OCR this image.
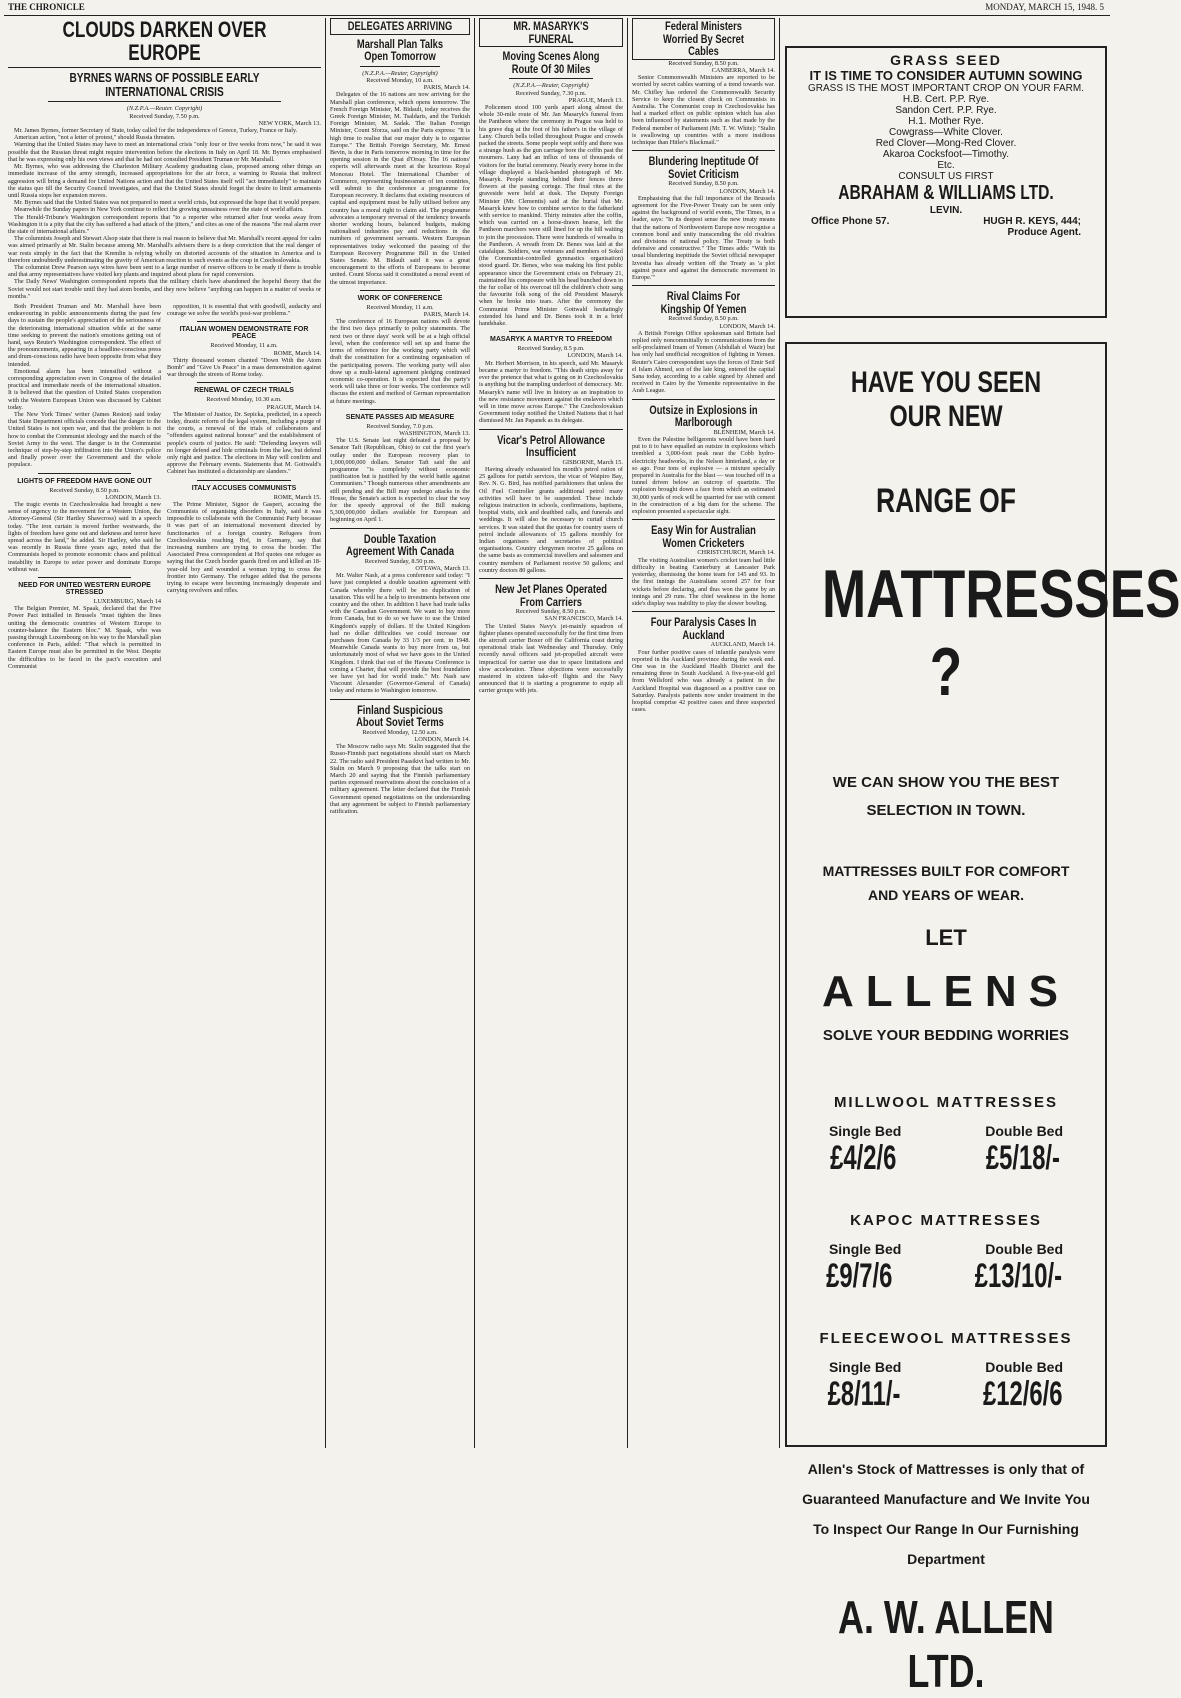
THE CHRONICLE	MONDAY, MARCH 15, 1948. 5
CLOUDS DARKEN OVER EUROPE
BYRNES WARNS OF POSSIBLE EARLY INTERNATIONAL CRISIS
(N.Z.P.A.—Reuter. Copyright)
Received Sunday, 7.50 p.m.
NEW YORK, March 13.

Mr. James Byrnes, former Secretary of State, today called for the independence of Greece, Turkey, France or Italy.

American action, "not a letter of protest," should Russia threaten.

Warning that the United States may have to meet an international crisis "only four or five weeks from now," he said it was possible that the Russian threat might require intervention before the elections in Italy on April 18. Mr. Byrnes emphasised that he was expressing only his own views and that he had not consulted President Truman or Mr. Marshall.

Mr. Byrnes, who was addressing the Charleston Military Academy graduating class, proposed among other things an immediate increase of the army strength, increased appropriations for the air force, a warning to Russia that indirect aggression will bring a demand for United Nations action and that the United States itself will "act immediately" to maintain the status quo till the Security Council investigates, and that the United States should forget the desire to limit armaments until Russia stops her expansion moves.

Mr. Byrnes said that the United States was not prepared to meet a world crisis, but expressed the hope that it would prepare.

Meanwhile the Sunday papers in New York continue to reflect the growing uneasiness over the state of world affairs.

The Herald-Tribune's Washington correspondent reports that "to a reporter who returned after four weeks away from Washington it is a pity that the city has suffered a bad attack of the jitters," and cites as one of the reasons "the real alarm over the state of international affairs."

The columnists Joseph and Stewart Alsop state that there is real reason to believe that Mr. Marshall's recent appeal for calm was aimed primarily at Mr. Stalin because among Mr. Marshall's advisers there is a deep conviction that the real danger of war rests simply in the fact that the Kremlin is relying wholly on distorted accounts of the situation in America and is therefore undoubtedly underestimating the gravity of American reaction to such events as the coup in Czechoslovakia.

The columnist Drew Pearson says wires have been sent to a large number of reserve officers to be ready if there is trouble and that army representatives have visited key plants and inquired about plans for rapid conversion.

The Daily News' Washington correspondent reports that the military chiefs have abandoned the hopeful theory that the Soviet would not start trouble until they had atom bombs, and they now believe "anything can happen in a matter of weeks or months."

Both President Truman and Mr. Marshall have been endeavouring in public announcements during the past few days to sustain the people's appreciation of the seriousness of the deteriorating international situation while at the same time seeking to prevent the nation's emotions getting out of hand, says Reuter's Washington correspondent. The effect of the pronouncements, appearing in a headline-conscious press and drum-conscious radio have been opposite from what they intended.

Emotional alarm has been intensified without a corresponding appreciation even in Congress of the detailed practical and immediate needs of the international situation. It is believed that the question of United States cooperation with the Western European Union was discussed by Cabinet today.

The New York Times' writer (James Reston) said today that State Department officials concede that the danger to the United States is not open war, and that the problem is not how to combat the Communist ideology and the march of the Soviet Army to the west. The danger is in the Communist technique of step-by-step infiltration into the Union's police and finally power over the Government and the whole populace.

LIGHTS OF FREEDOM HAVE GONE OUT
Received Sunday, 8.50 p.m.
LONDON, March 13.

The tragic events in Czechoslovakia had brought a new sense of urgency to the movement for a Western Union, the Attorney-General (Sir Hartley Shawcross) said in a speech today. "The iron curtain is moved further westwards, the lights of freedom have gone out and darkness and terror have spread across the land," he added. Sir Hartley, who said he was recently in Russia three years ago, noted that the Communists hoped to promote economic chaos and political instability in Europe to seize power and dominate Europe without war.

NEED FOR UNITED WESTERN EUROPE STRESSED
LUXEMBURG, March 14

The Belgian Premier, M. Spaak, declared that the Five Power Pact initialled in Brussels "must tighten the lines uniting the democratic countries of Western Europe to counter-balance the Eastern bloc." M. Spaak, who was passing through Luxembourg on his way to the Marshall plan conference in Paris, added: "That which is permitted in Eastern Europe must also be permitted in the West. Despite the difficulties to be faced in the pact's execution and Communist

opposition, it is essential that with goodwill, audacity and courage we solve the world's post-war problems."

ITALIAN WOMEN DEMONSTRATE FOR PEACE
Received Monday, 11 a.m.
ROME, March 14.

Thirty thousand women chanted "Down With the Atom Bomb" and "Give Us Peace" in a mass demonstration against war through the streets of Rome today.

RENEWAL OF CZECH TRIALS
Received Monday, 10.30 a.m.
PRAGUE, March 14.

The Minister of Justice, Dr. Sepicka, predicted, in a speech today, drastic reform of the legal system, including a purge of the courts, a renewal of the trials of collaborators and "offenders against national honour" and the establishment of people's courts of justice. He said: "Defending lawyers will no longer defend and hide criminals from the law, but defend only right and justice. The elections in May will confirm and approve the February events. Statements that M. Gottwald's Cabinet has instituted a dictatorship are slanders."

ITALY ACCUSES COMMUNISTS
ROME, March 15.

The Prime Minister, Signor de Gasperi, accusing the Communists of organising disorders in Italy, said it was impossible to collaborate with the Communist Party because it was part of an international movement directed by functionaries of a foreign country. Refugees from Czechoslovakia reaching Hof, in Germany, say that increasing numbers are trying to cross the border. The Associated Press correspondent at Hof quotes one refugee as saying that the Czech border guards fired on and killed an 18-year-old boy and wounded a woman trying to cross the frontier into Germany. The refugee added that the persons trying to escape were becoming increasingly desperate and carrying revolvers and rifles.

DELEGATES ARRIVING
Marshall Plan Talks Open Tomorrow
(N.Z.P.A.—Reuter, Copyright)
Received Monday, 10 a.m.
PARIS, March 14.

Delegates of the 16 nations are now arriving for the Marshall plan conference, which opens tomorrow. The French Foreign Minister, M. Bidault, today receives the Greek Foreign Minister, M. Tsaldaris, and the Turkish Foreign Minister, M. Sadak. The Italian Foreign Minister, Count Sforza, said on the Paris express: "It is high time to realise that our major duty is to organise Europe." The British Foreign Secretary, Mr. Ernest Bevin, is due in Paris tomorrow morning in time for the opening session in the Quai d'Orsay. The 16 nations' experts will afterwards meet at the luxurious Royal Monceau Hotel. The International Chamber of Commerce, representing businessmen of ten countries, will submit to the conference a programme for European recovery. It declares that existing resources of capital and equipment must be fully utilised before any country has a moral right to claim aid. The programme advocates a temporary reversal of the tendency towards shorter working hours, balanced budgets, making nationalised industries pay and reductions in the numbers of government servants. Western European representatives today welcomed the passing of the European Recovery Programme Bill in the United States Senate. M. Bidault said it was a great encouragement to the efforts of Europeans to become united. Count Sforza said it constituted a moral event of the utmost importance.

WORK OF CONFERENCE
Received Monday, 11 a.m.
PARIS, March 14.

The conference of 16 European nations will devote the first two days primarily to policy statements. The next two or three days' work will be at a high official level, when the conference will set up and frame the terms of reference for the working party which will draft the constitution for a continuing organisation of the participating powers. The working party will also draw up a multi-lateral agreement pledging continued economic co-operation. It is expected that the party's work will take three or four weeks. The conference will discuss the extent and method of German representation at future meetings.

SENATE PASSES AID MEASURE
Received Sunday, 7.0 p.m.
WASHINGTON, March 13.

The U.S. Senate last night defeated a proposal by Senator Taft (Republican, Ohio) to cut the first year's outlay under the European recovery plan to 1,000,000,000 dollars. Senator Taft said the aid programme "is completely without economic justification but is justified by the world battle against Communism." Though numerous other amendments are still pending and the Bill may undergo attacks in the House, the Senate's action is expected to clear the way for the speedy approval of the Bill making 5,300,000,000 dollars available for European aid beginning on April 1.

Double Taxation Agreement With Canada
Received Sunday, 8.50 p.m.
OTTAWA, March 13.

Mr. Walter Nash, at a press conference said today: "I have just completed a double taxation agreement with Canada whereby there will be no duplication of taxation. This will be a help to investments between one country and the other. In addition I have had trade talks with the Canadian Government. We want to buy more from Canada, but to do so we have to use the United Kingdom's supply of dollars. If the United Kingdom had no dollar difficulties we could increase our purchases from Canada by 33 1/3 per cent. in 1948. Meanwhile Canada wants to buy more from us, but unfortunately most of what we have goes to the United Kingdom. I think that out of the Havana Conference is coming a Charter, that will provide the best foundation we have yet had for world trade." Mr. Nash saw Viscount Alexander (Governor-General of Canada) today and returns to Washington tomorrow.

Finland Suspicious About Soviet Terms
Received Monday, 12.50 a.m.
LONDON, March 14.

The Moscow radio says Mr. Stalin suggested that the Russo-Finnish pact negotiations should start on March 22. The radio said President Paasikivi had written to Mr. Stalin on March 9 proposing that the talks start on March 20 and saying that the Finnish parliamentary parties expressed reservations about the conclusion of a military agreement. The letter declared that the Finnish Government opened negotiations on the understanding that any agreement be subject to Finnish parliamentary ratification.

MR. MASARYK'S FUNERAL
Moving Scenes Along Route Of 30 Miles
(N.Z.P.A.—Reuter, Copyright)
Received Sunday, 7.30 p.m.
PRAGUE, March 13.

Policemen stood 100 yards apart along almost the whole 30-mile route of Mr. Jan Masaryk's funeral from the Pantheon where the ceremony in Prague was held to his grave dug at the foot of his father's in the village of Lany. Church bells tolled throughout Prague and crowds packed the streets. Some people wept softly and there was a strange hush as the gun carriage bore the coffin past the mourners. Lany had an influx of tens of thousands of visitors for the burial ceremony. Nearly every home in the village displayed a black-banded photograph of Mr. Masaryk. People standing behind their fences threw flowers at the passing cortege. The final rites at the graveside were held at dusk. The Deputy Foreign Minister (Mr. Clementis) said at the burial that Mr. Masaryk knew how to combine service to the fatherland with service to mankind. Thirty minutes after the coffin, which was carried on a horse-drawn hearse, left the Pantheon marchers were still lined for up the hill waiting to join the procession. There were hundreds of wreaths in the Pantheon. A wreath from Dr. Benes was laid at the catafalque. Soldiers, war veterans and members of Sokol (the Communist-controlled gymnastics organisation) stood guard. Dr. Benes, who was making his first public appearance since the Government crisis on February 21, maintained his composure with his head bunched down in the fur collar of his overcoat till the children's choir sang the favourite folk song of the old President Masaryk when he broke into tears. After the ceremony the Communist Prime Minister Gottwald hesitatingly extended his hand and Dr. Benes took it in a brief handshake.

MASARYK A MARTYR TO FREEDOM
Received Sunday, 8.5 p.m.
LONDON, March 14.

Mr. Herbert Morrison, in his speech, said Mr. Masaryk became a martyr to freedom. "This death strips away for ever the pretence that what is going on in Czechoslovakia is anything but the trampling underfoot of democracy. Mr. Masaryk's name will live in history as an inspiration to the new resistance movement against the enslavers which will in time move across Europe." The Czechoslovakian Government today notified the United Nations that it had dismissed Mr. Jan Papanek as its delegate.

Vicar's Petrol Allowance Insufficient
GISBORNE, March 15.

Having already exhausted his month's petrol ration of 25 gallons for parish services, the vicar of Waipiro Bay, Rev. N. G. Bird, has notified parishioners that unless the Oil Fuel Controller grants additional petrol many activities will have to be suspended. These include religious instruction in schools, confirmations, baptisms, hospital visits, sick and deathbed calls, and funerals and weddings. It will also be necessary to curtail church services. It was stated that the quotas for country users of petrol include allowances of 15 gallons monthly for Indian organisers and secretaries of political organisations. Country clergymen receive 25 gallons on the same basis as commercial travellers and salesmen and country members of Parliament receive 50 gallons; and country doctors 80 gallons.

New Jet Planes Operated From Carriers
Received Sunday, 8.50 p.m.
SAN FRANCISCO, March 14.

The United States Navy's jet-mainly squadron of fighter planes operated successfully for the first time from the aircraft carrier Boxer off the California coast during operational trials last Wednesday and Thursday. Only recently naval officers said jet-propelled aircraft were impractical for carrier use due to space limitations and slow acceleration. These objections were successfully mastered in sixteen take-off flights and the Navy announced that it is starting a programme to equip all carrier groups with jets.

Federal Ministers Worried By Secret Cables
Received Sunday, 8.50 p.m.
CANBERRA, March 14.

Senior Commonwealth Ministers are reported to be worried by secret cables warning of a trend towards war. Mr. Chifley has ordered the Commonwealth Security Service to keep the closest check on Communists in Australia. The Communist coup in Czechoslovakia has had a marked effect on public opinion which has also been influenced by statements such as that made by the Federal member of Parliament (Mr. T. W. White): "Stalin is swallowing up countries with a more insidious technique than Hitler's Blackmail."

Blundering Ineptitude Of Soviet Criticism
Received Sunday, 8.50 p.m.
LONDON, March 14.

Emphasising that the full importance of the Brussels agreement for the Five-Power Treaty can be seen only against the background of world events, The Times, in a leader, says: "In its deepest sense the new treaty means that the nations of Northwestern Europe now recognise a common bond and unity transcending the old rivalries and divisions of national policy. The Treaty is both defensive and constructive." The Times adds: "With its usual blundering ineptitude the Soviet official newspaper Izvestia has already written off the Treaty as 'a plot against peace and against the democratic movement in Europe.'"

Rival Claims For Kingship Of Yemen
Received Sunday, 8.50 p.m.
LONDON, March 14.

A British Foreign Office spokesman said Britain had replied only noncommittally to communications from the self-proclaimed Imam of Yemen (Abdullah el Wazir) but has only had unofficial recognition of fighting in Yemen. Reuter's Cairo correspondent says the forces of Emir Seif el Islam Ahmed, son of the late king, entered the capital Sana today, according to a cable signed by Ahmed and received in Cairo by the Yemenite representative in the Arab League.

Outsize in Explosions in Marlborough
BLENHEIM, March 14.

Even the Palestine belligerents would have been hard put to it to have equalled an outsize in explosions which trembled a 3,000-foot peak near the Cobb hydro-electricity headworks, in the Nelson hinterland, a day or so ago. Four tons of explosive — a mixture specially prepared in Australia for the blast — was touched off in a tunnel driven below an outcrop of quartzite. The explosion brought down a face from which an estimated 30,000 yards of rock will be quarried for use with cement in the construction of a big dam for the scheme. The explosion presented a spectacular sight.

Easy Win for Australian Women Cricketers
CHRISTCHURCH, March 14.

The visiting Australian women's cricket team had little difficulty in beating Canterbury at Lancaster Park yesterday, dismissing the home team for 145 and 93. In the first innings the Australians scored 257 for four wickets before declaring, and thus won the game by an innings and 29 runs. The chief weakness in the home side's display was inability to play the slower bowling.

Four Paralysis Cases In Auckland
AUCKLAND, March 14.

Four further positive cases of infantile paralysis were reported in the Auckland province during the week end. One was in the Auckland Health District and the remaining three in South Auckland. A five-year-old girl from Wellsford who was already a patient in the Auckland Hospital was diagnosed as a positive case on Saturday. Paralysis patients now under treatment in the hospital comprise 42 positive cases and three suspected cases.

GRASS SEED
IT IS TIME TO CONSIDER AUTUMN SOWING
GRASS IS THE MOST IMPORTANT CROP ON YOUR FARM.
H.B. Cert. P.P. Rye.
Sandon Cert. P.P. Rye.
H.1. Mother Rye.
Cowgrass—White Clover.
Red Clover—Mong-Red Clover.
Akaroa Cocksfoot—Timothy.
Etc.
CONSULT US FIRST
ABRAHAM & WILLIAMS LTD.
LEVIN.
Office Phone 57.	HUGH R. KEYS, 444;
Produce Agent.
HAVE YOU SEEN OUR NEW
RANGE OF
MATTRESSES ?
WE CAN SHOW YOU THE BEST SELECTION IN TOWN.
MATTRESSES BUILT FOR COMFORT AND YEARS OF WEAR.
LET
ALLENS
SOLVE YOUR BEDDING WORRIES
MILLWOOL MATTRESSES
Single Bed	Double Bed
£4/2/6	£5/18/-
KAPOC MATTRESSES
Single Bed	Double Bed
£9/7/6 £13/10/-
FLEECEWOOL MATTRESSES
Single Bed	Double Bed
£8/11/- £12/6/6
Allen's Stock of Mattresses is only that of Guaranteed Manufacture and We Invite You To Inspect Our Range In Our Furnishing Department
A. W. ALLEN LTD.
